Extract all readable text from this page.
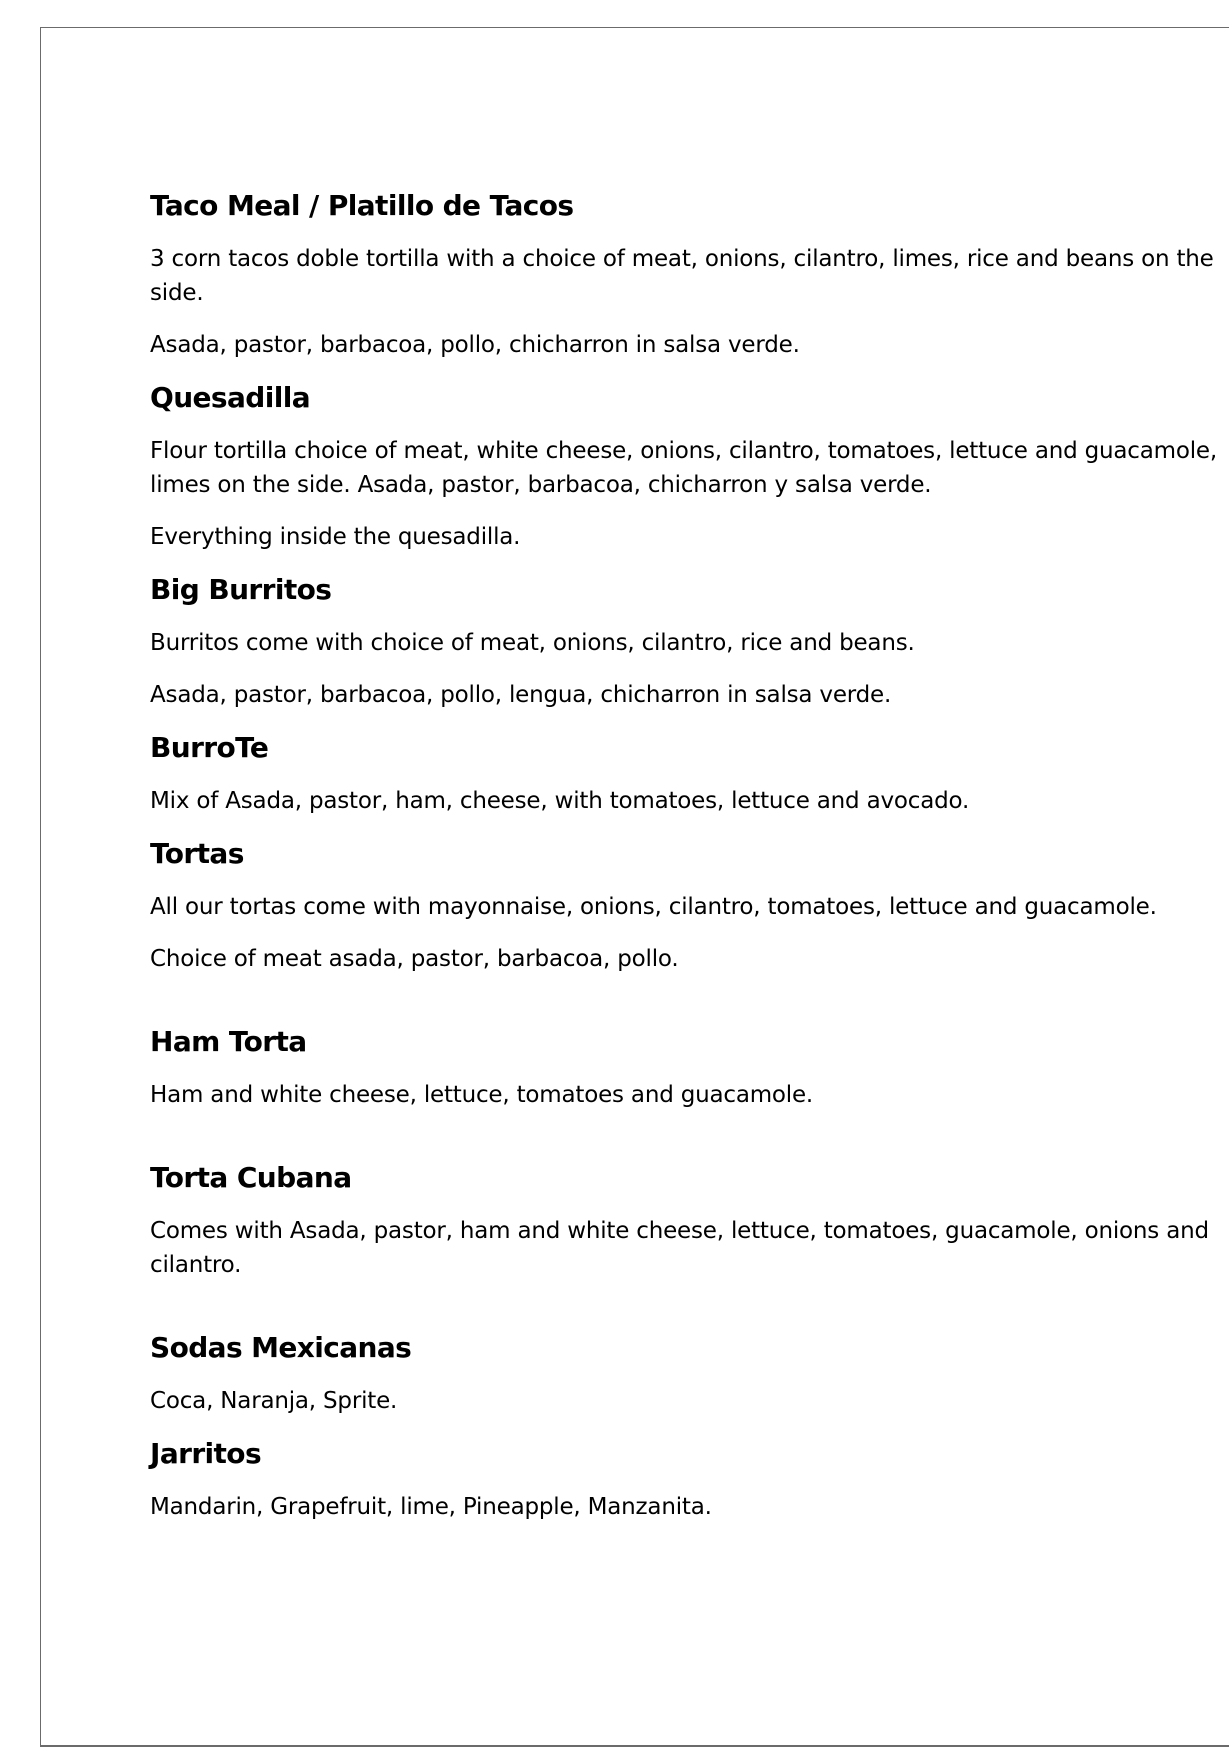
Taco Meal / Platillo de Tacos

3 corn tacos doble tortilla with a choice of meat, onions, cilantro, limes, rice and beans on the side.

Asada, pastor, barbacoa, pollo, chicharron in salsa verde.

Quesadilla

Flour tortilla choice of meat, white cheese, onions, cilantro, tomatoes, lettuce and guacamole, limes on the side. Asada, pastor, barbacoa, chicharron y salsa verde.

Everything inside the quesadilla.

Big Burritos

Burritos come with choice of meat, onions, cilantro, rice and beans.

Asada, pastor, barbacoa, pollo, lengua, chicharron in salsa verde.

BurroTe

Mix of Asada, pastor, ham, cheese, with tomatoes, lettuce and avocado.

Tortas

All our tortas come with mayonnaise, onions, cilantro, tomatoes, lettuce and guacamole.

Choice of meat asada, pastor, barbacoa, pollo.

Ham Torta

Ham and white cheese, lettuce, tomatoes and guacamole.

Torta Cubana

Comes with Asada, pastor, ham and white cheese, lettuce, tomatoes, guacamole, onions and cilantro.

Sodas Mexicanas

Coca, Naranja, Sprite.

Jarritos

Mandarin, Grapefruit, lime, Pineapple, Manzanita.
